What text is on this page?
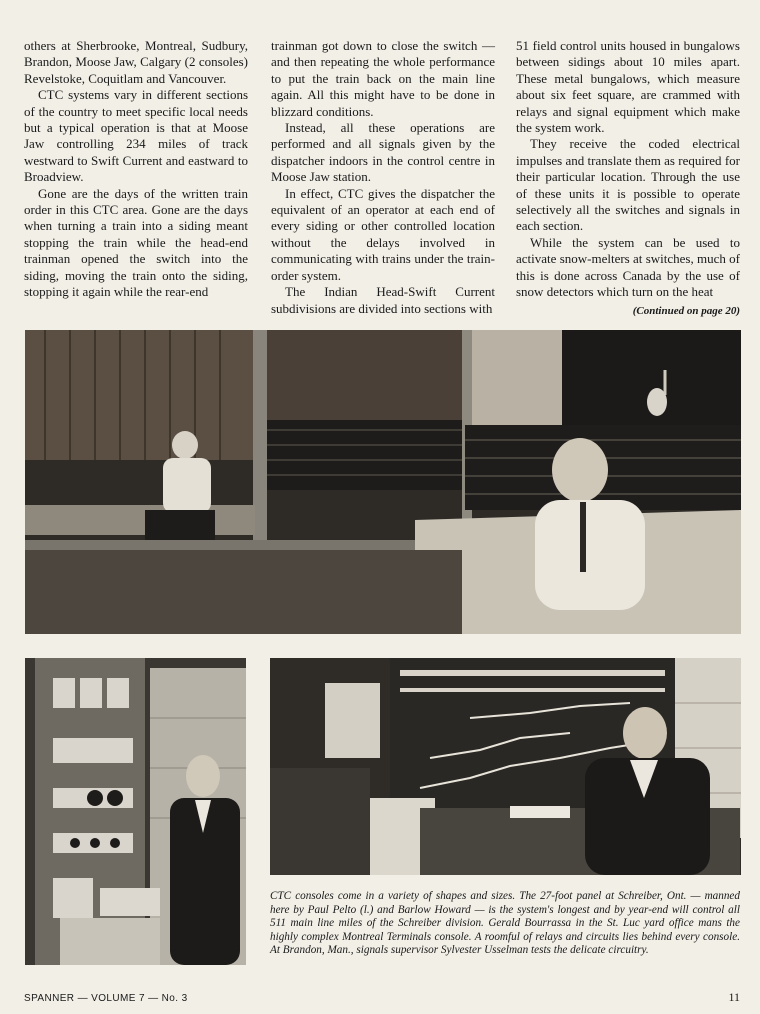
others at Sherbrooke, Montreal, Sudbury, Brandon, Moose Jaw, Calgary (2 consoles) Revelstoke, Coquitlam and Vancouver.

CTC systems vary in different sections of the country to meet specific local needs but a typical operation is that at Moose Jaw controlling 234 miles of track westward to Swift Current and eastward to Broadview.

Gone are the days of the written train order in this CTC area. Gone are the days when turning a train into a siding meant stopping the train while the head-end trainman opened the switch into the siding, moving the train onto the siding, stopping it again while the rear-end

trainman got down to close the switch — and then repeating the whole performance to put the train back on the main line again. All this might have to be done in blizzard conditions.

Instead, all these operations are performed and all signals given by the dispatcher indoors in the control centre in Moose Jaw station.

In effect, CTC gives the dispatcher the equivalent of an operator at each end of every siding or other controlled location without the delays involved in communicating with trains under the train-order system.

The Indian Head-Swift Current subdivisions are divided into sections with

51 field control units housed in bungalows between sidings about 10 miles apart. These metal bungalows, which measure about six feet square, are crammed with relays and signal equipment which make the system work.

They receive the coded electrical impulses and translate them as required for their particular location. Through the use of these units it is possible to operate selectively all the switches and signals in each section.

While the system can be used to activate snow-melters at switches, much of this is done across Canada by the use of snow detectors which turn on the heat

(Continued on page 20)

CTC consoles come in a variety of shapes and sizes. The 27-foot panel at Schreiber, Ont. — manned here by Paul Pelto (l.) and Barlow Howard — is the system's longest and by year-end will control all 511 main line miles of the Schreiber division. Gerald Bourrassa in the St. Luc yard office mans the highly complex Montreal Terminals console. A roomful of relays and circuits lies behind every console. At Brandon, Man., signals supervisor Sylvester Usselman tests the delicate circuitry.
SPANNER — VOLUME 7 — No. 3	11
